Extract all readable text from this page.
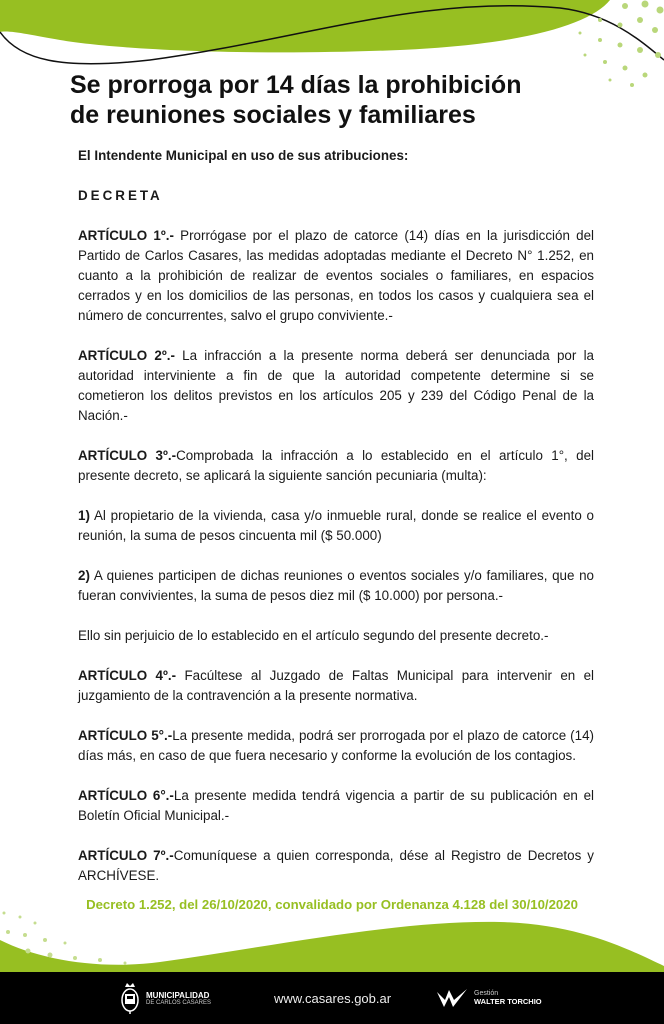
Se prorroga por 14 días la prohibición
de reuniones sociales y familiares

El Intendente Municipal en uso de sus atribuciones:

DECRETA

ARTÍCULO 1º.- Prorrógase por el plazo de catorce (14) días en la jurisdicción del Partido de Carlos Casares, las medidas adoptadas mediante el Decreto N° 1.252, en cuanto a la prohibición de realizar de eventos sociales o familiares, en espacios cerrados y en los domicilios de las personas, en todos los casos y cualquiera sea el número de concurrentes, salvo el grupo conviviente.-

ARTÍCULO 2º.- La infracción a la presente norma deberá ser denunciada por la autoridad interviniente a fin de que la autoridad competente determine si se cometieron los delitos previstos en los artículos 205 y 239 del Código Penal de la Nación.-

ARTÍCULO 3º.-Comprobada la infracción a lo establecido en el artículo 1°, del presente decreto, se aplicará la siguiente sanción pecuniaria (multa):

1) Al propietario de la vivienda, casa y/o inmueble rural, donde se realice el evento o reunión, la suma de pesos cincuenta mil ($ 50.000)

2) A quienes participen de dichas reuniones o eventos sociales y/o familiares, que no fueran convivientes, la suma de pesos diez mil ($ 10.000) por persona.-

Ello sin perjuicio de lo establecido en el artículo segundo del presente decreto.-

ARTÍCULO 4º.- Facúltese al Juzgado de Faltas Municipal para intervenir en el juzgamiento de la contravención a la presente normativa.

ARTÍCULO 5°.-La presente medida, podrá ser prorrogada por el plazo de catorce (14) días más, en caso de que fuera necesario y conforme la evolución de los contagios.

ARTÍCULO 6°.-La presente medida tendrá vigencia a partir de su publicación en el Boletín Oficial Municipal.-

ARTÍCULO 7º.-Comuníquese a quien corresponda, dése al Registro de Decretos y ARCHÍVESE.

Decreto 1.252, del 26/10/2020, convalidado por Ordenanza 4.128 del 30/10/2020
MUNICIPALIDAD
DE CARLOS CASARES	www.casares.gob.ar	Gestión
WALTER TORCHIO
